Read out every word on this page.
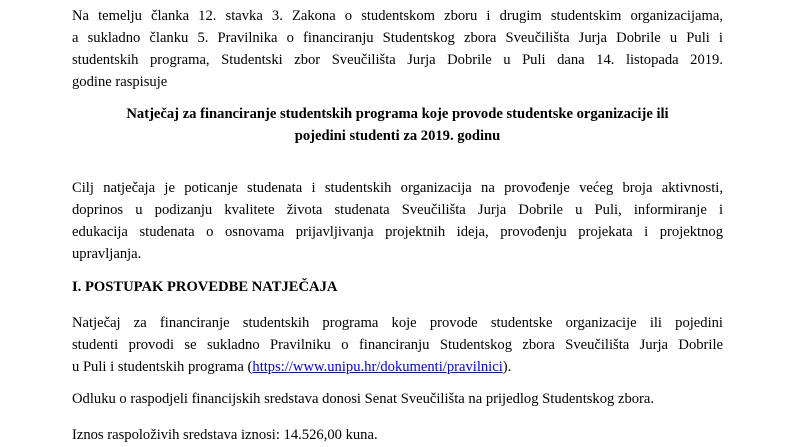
Na temelju članka 12. stavka 3. Zakona o studentskom zboru i drugim studentskim organizacijama,
a sukladno članku 5. Pravilnika o financiranju Studentskog zbora Sveučilišta Jurja Dobrile u Puli i
studentskih programa, Studentski zbor Sveučilišta Jurja Dobrile u Puli dana 14. listopada 2019.
godine raspisuje
Natječaj za financiranje studentskih programa koje provode studentske organizacije ili
pojedini studenti za 2019. godinu
Cilj natječaja je poticanje studenata i studentskih organizacija na provođenje većeg broja aktivnosti,
doprinos u podizanju kvalitete života studenata Sveučilišta Jurja Dobrile u Puli, informiranje i
edukacija studenata o osnovama prijavljivanja projektnih ideja, provođenju projekata i projektnog
upravljanja.
I. POSTUPAK PROVEDBE NATJEČAJA
Natječaj za financiranje studentskih programa koje provode studentske organizacije ili pojedini
studenti provodi se sukladno Pravilniku o financiranju Studentskog zbora Sveučilišta Jurja Dobrile
u Puli i studentskih programa (https://www.unipu.hr/dokumenti/pravilnici).
Odluku o raspodjeli financijskih sredstava donosi Senat Sveučilišta na prijedlog Studentskog zbora.
Iznos raspoloživih sredstava iznosi: 14.526,00 kuna.
